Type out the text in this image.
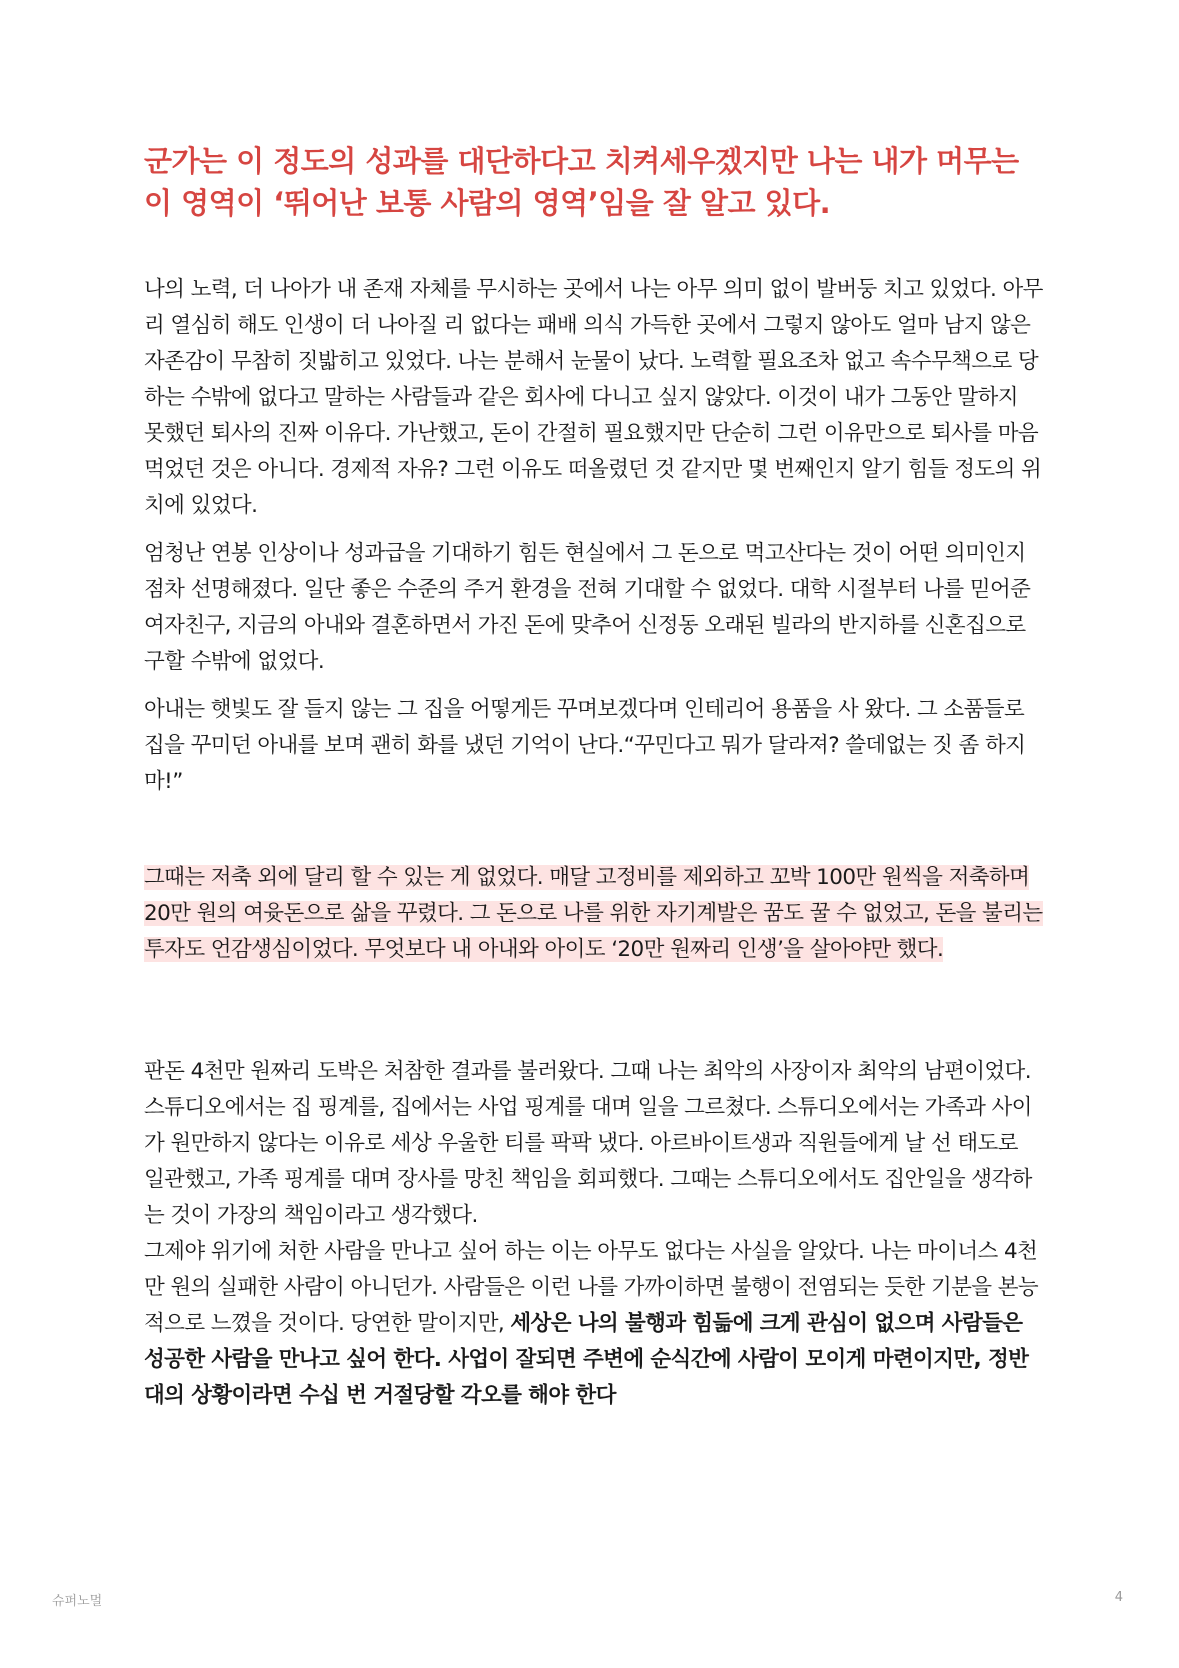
군가는 이 정도의 성과를 대단하다고 치켜세우겠지만 나는 내가 머무는 이 영역이 ‘뛰어난 보통 사람의 영역’임을 잘 알고 있다.

나의 노력, 더 나아가 내 존재 자체를 무시하는 곳에서 나는 아무 의미 없이 발버둥 치고 있었다. 아무리 열심히 해도 인생이 더 나아질 리 없다는 패배 의식 가득한 곳에서 그렇지 않아도 얼마 남지 않은 자존감이 무참히 짓밟히고 있었다. 나는 분해서 눈물이 났다. 노력할 필요조차 없고 속수무책으로 당하는 수밖에 없다고 말하는 사람들과 같은 회사에 다니고 싶지 않았다. 이것이 내가 그동안 말하지 못했던 퇴사의 진짜 이유다. 가난했고, 돈이 간절히 필요했지만 단순히 그런 이유만으로 퇴사를 마음먹었던 것은 아니다. 경제적 자유? 그런 이유도 떠올렸던 것 같지만 몇 번째인지 알기 힘들 정도의 위치에 있었다.

엄청난 연봉 인상이나 성과급을 기대하기 힘든 현실에서 그 돈으로 먹고산다는 것이 어떤 의미인지 점차 선명해졌다. 일단 좋은 수준의 주거 환경을 전혀 기대할 수 없었다. 대학 시절부터 나를 믿어준 여자친구, 지금의 아내와 결혼하면서 가진 돈에 맞추어 신정동 오래된 빌라의 반지하를 신혼집으로 구할 수밖에 없었다.

아내는 햇빛도 잘 들지 않는 그 집을 어떻게든 꾸며보겠다며 인테리어 용품을 사 왔다. 그 소품들로 집을 꾸미던 아내를 보며 괜히 화를 냈던 기억이 난다.“꾸민다고 뭐가 달라져? 쓸데없는 짓 좀 하지 마!”

그때는 저축 외에 달리 할 수 있는 게 없었다. 매달 고정비를 제외하고 꼬박 100만 원씩을 저축하며 20만 원의 여윳돈으로 삶을 꾸렸다. 그 돈으로 나를 위한 자기계발은 꿈도 꿀 수 없었고, 돈을 불리는 투자도 언감생심이었다. 무엇보다 내 아내와 아이도 ‘20만 원짜리 인생’을 살아야만 했다.

판돈 4천만 원짜리 도박은 처참한 결과를 불러왔다. 그때 나는 최악의 사장이자 최악의 남편이었다. 스튜디오에서는 집 핑계를, 집에서는 사업 핑계를 대며 일을 그르쳤다. 스튜디오에서는 가족과 사이가 원만하지 않다는 이유로 세상 우울한 티를 팍팍 냈다. 아르바이트생과 직원들에게 날 선 태도로 일관했고, 가족 핑계를 대며 장사를 망친 책임을 회피했다. 그때는 스튜디오에서도 집안일을 생각하는 것이 가장의 책임이라고 생각했다.

그제야 위기에 처한 사람을 만나고 싶어 하는 이는 아무도 없다는 사실을 알았다. 나는 마이너스 4천만 원의 실패한 사람이 아니던가. 사람들은 이런 나를 가까이하면 불행이 전염되는 듯한 기분을 본능적으로 느꼈을 것이다. 당연한 말이지만, 세상은 나의 불행과 힘듦에 크게 관심이 없으며 사람들은 성공한 사람을 만나고 싶어 한다. 사업이 잘되면 주변에 순식간에 사람이 모이게 마련이지만, 정반대의 상황이라면 수십 번 거절당할 각오를 해야 한다

슈퍼노멀	4
